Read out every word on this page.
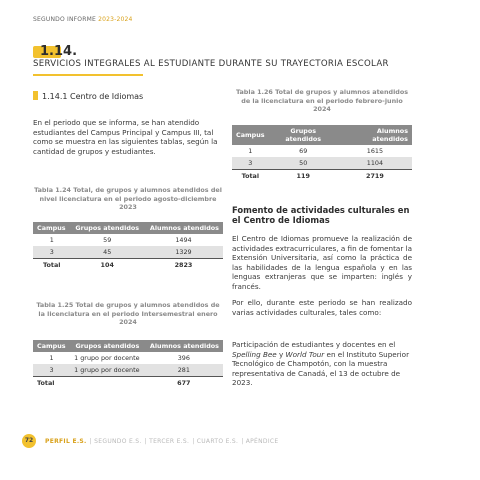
SEGUNDO INFORME 2023-2024
1.14.
SERVICIOS INTEGRALES AL ESTUDIANTE DURANTE SU TRAYECTORIA ESCOLAR
1.14.1 Centro de Idiomas
En el periodo que se informa, se han atendido estudiantes del Campus Principal y Campus III, tal como se muestra en las siguientes tablas, según la cantidad de grupos y estudiantes.
Tabla 1.24 Total, de grupos y alumnos atendidos del nivel licenciatura en el periodo agosto-diciembre 2023
Campus	Grupos atendidos	Alumnos atendidos
1	59	1494
3	45	1329
Total	104	2823
Tabla 1.25 Total de grupos y alumnos atendidos de la licenciatura en el periodo Intersemestral enero 2024
Campus	Grupos atendidos	Alumnos atendidos
1	1 grupo por docente	396
3	1 grupo por docente	281
Total		677
Tabla 1.26 Total de grupos y alumnos atendidos de la licenciatura en el periodo febrero-junio 2024
Campus	Grupos atendidos	Alumnos atendidos
1	69	1615
3	50	1104
Total	119	2719
Fomento de actividades culturales en el Centro de Idiomas
El Centro de Idiomas promueve la realización de actividades extracurriculares, a fin de fomentar la Extensión Universitaria, así como la práctica de las habilidades de la lengua española y en las lenguas extranjeras que se imparten: inglés y francés.
Por ello, durante este periodo se han realizado varias actividades culturales, tales como:
Participación de estudiantes y docentes en el Spelling Bee y World Tour en el Instituto Superior Tecnológico de Champotón, con la muestra representativa de Canadá, el 13 de octubre de 2023.
72	PERFIL E.S. | SEGUNDO E.S. | TERCER E.S. | CUARTO E.S. | APÉNDICE
